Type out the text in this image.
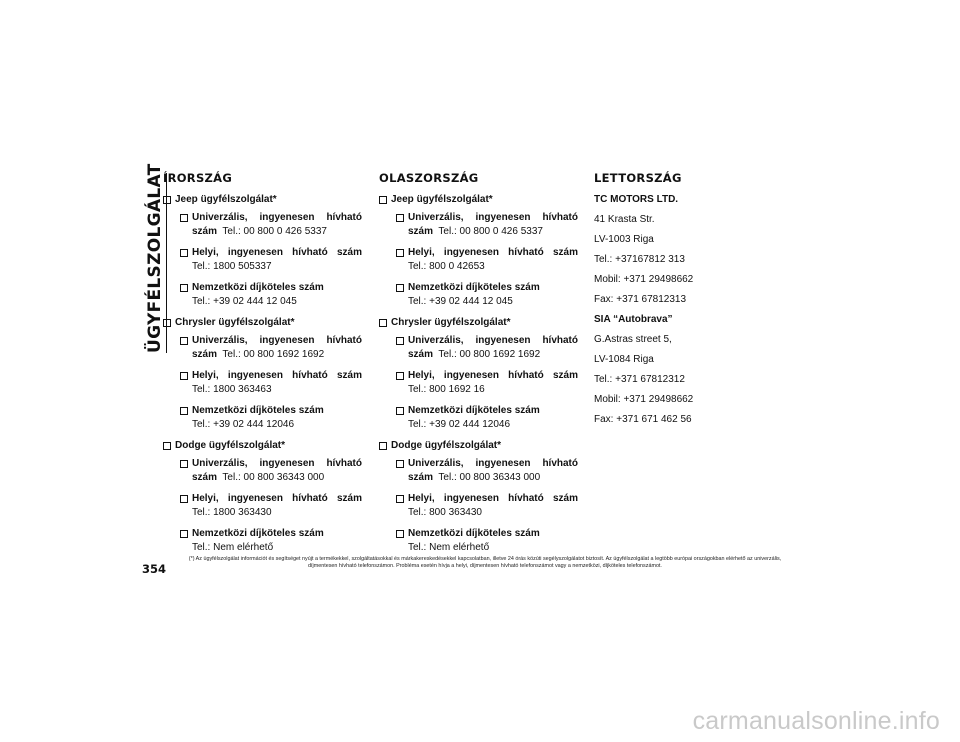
ÜGYFÉLSZOLGÁLAT
ÍRORSZÁG
Jeep ügyfélszolgálat*
Univerzális, ingyenesen hívható
szám Tel.: 00 800 0 426 5337
Helyi, ingyenesen hívható szám
Tel.: 1800 505337
Nemzetközi díjköteles szám
Tel.: +39 02 444 12 045
Chrysler ügyfélszolgálat*
Univerzális, ingyenesen hívható
szám Tel.: 00 800 1692 1692
Helyi, ingyenesen hívható szám
Tel.: 1800 363463
Nemzetközi díjköteles szám
Tel.: +39 02 444 12046
Dodge ügyfélszolgálat*
Univerzális, ingyenesen hívható
szám Tel.: 00 800 36343 000
Helyi, ingyenesen hívható szám
Tel.: 1800 363430
Nemzetközi díjköteles szám
Tel.: Nem elérhető
OLASZORSZÁG
Jeep ügyfélszolgálat*
Univerzális, ingyenesen hívható
szám Tel.: 00 800 0 426 5337
Helyi, ingyenesen hívható szám
Tel.: 800 0 42653
Nemzetközi díjköteles szám
Tel.: +39 02 444 12 045
Chrysler ügyfélszolgálat*
Univerzális, ingyenesen hívható
szám Tel.: 00 800 1692 1692
Helyi, ingyenesen hívható szám
Tel.: 800 1692 16
Nemzetközi díjköteles szám
Tel.: +39 02 444 12046
Dodge ügyfélszolgálat*
Univerzális, ingyenesen hívható
szám Tel.: 00 800 36343 000
Helyi, ingyenesen hívható szám
Tel.: 800 363430
Nemzetközi díjköteles szám
Tel.: Nem elérhető
LETTORSZÁG
TC MOTORS LTD.
41 Krasta Str.
LV-1003 Riga
Tel.: +37167812 313
Mobil: +371 29498662
Fax: +371 67812313
SIA “Autobrava”
G.Astras street 5,
LV-1084 Riga
Tel.: +371 67812312
Mobil: +371 29498662
Fax: +371 671 462 56
354
(*) Az ügyfélszolgálat információt és segítséget nyújt a termékekkel, szolgáltatásokkal és márkakereskedésekkel kapcsolatban, illetve 24 órás közúti segélyszolgálatot biztosít. Az ügyfélszolgálat a legtöbb európai országokban elérhető az univerzális, díjmentesen hívható telefonszámon. Probléma esetén hívja a helyi, díjmentesen hívható telefonszámot vagy a nemzetközi, díjköteles telefonszámot.
carmanualsonline.info
